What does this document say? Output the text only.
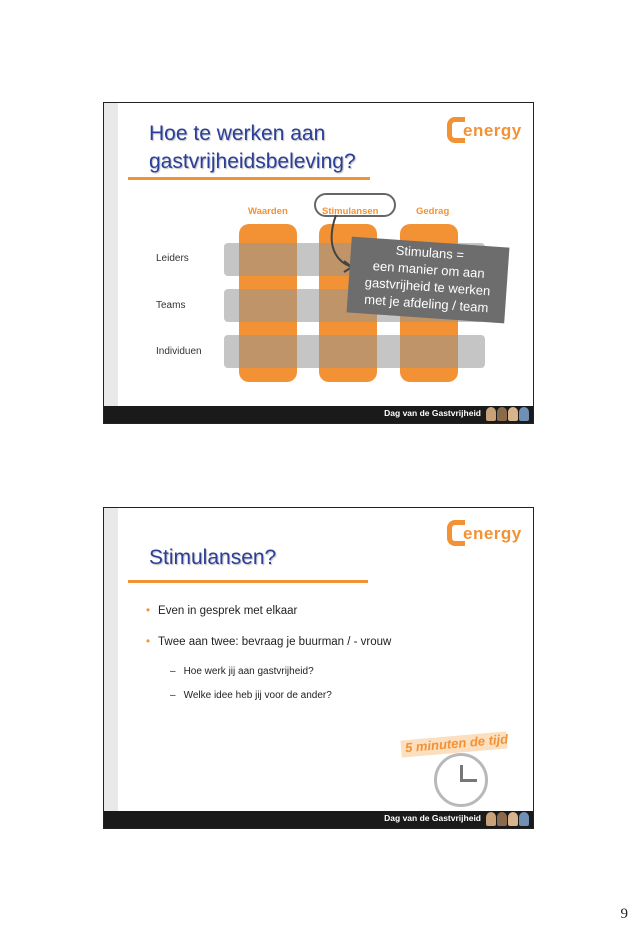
Hoe te werken aan
gastvrijheidsbeleving?
energy
Waarden	Stimulansen	Gedrag
Leiders
Teams
Individuen
Stimulans =
een manier om aan
gastvrijheid te werken
met je afdeling / team
Dag van de Gastvrijheid
energy
Stimulansen?
• Even in gesprek met elkaar
• Twee aan twee: bevraag je buurman / - vrouw
– Hoe werk jij aan gastvrijheid?
– Welke idee heb jij voor de ander?
5 minuten de tijd
Dag van de Gastvrijheid
9
